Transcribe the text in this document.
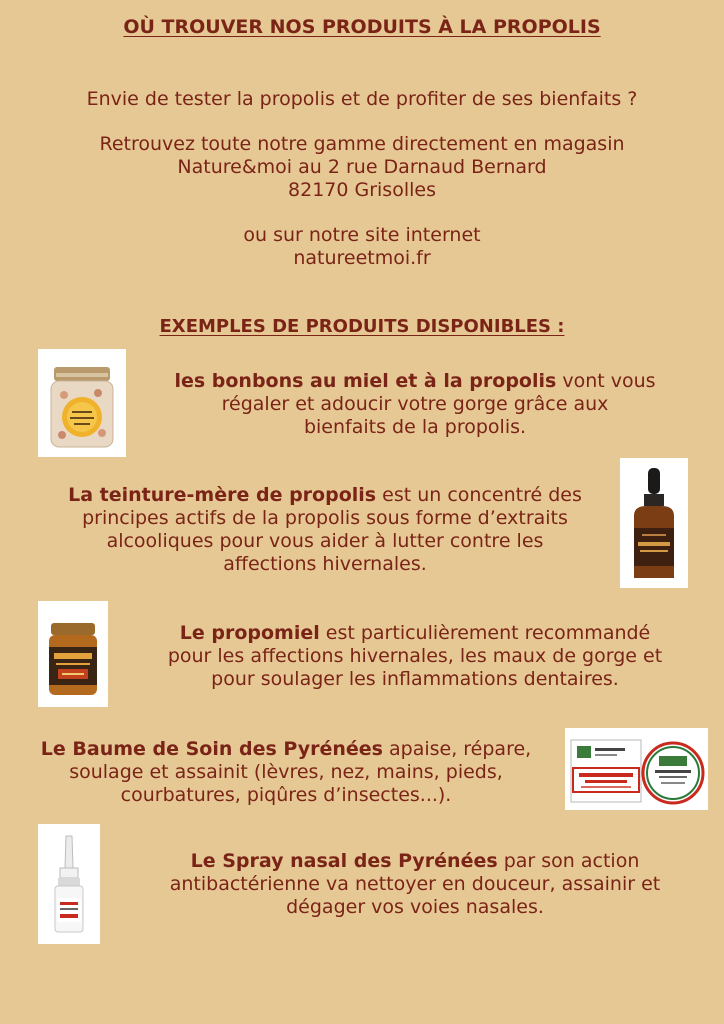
OÙ TROUVER NOS PRODUITS À LA PROPOLIS
Envie de tester la propolis et de profiter de ses bienfaits ?
Retrouvez toute notre gamme directement en magasin
Nature&moi au 2 rue Darnaud Bernard
82170 Grisolles
ou sur notre site internet
natureetmoi.fr
EXEMPLES DE PRODUITS DISPONIBLES :
les bonbons au miel et à la propolis vont vous
régaler et adoucir votre gorge grâce aux
bienfaits de la propolis.
La teinture-mère de propolis est un concentré des
principes actifs de la propolis sous forme d’extraits
alcooliques pour vous aider à lutter contre les
affections hivernales.
Le propomiel est particulièrement recommandé
pour les affections hivernales, les maux de gorge et
pour soulager les inflammations dentaires.
Le Baume de Soin des Pyrénées apaise, répare,
soulage et assainit (lèvres, nez, mains, pieds,
courbatures, piqûres d’insectes...).
Le Spray nasal des Pyrénées par son action
antibactérienne va nettoyer en douceur, assainir et
dégager vos voies nasales.
